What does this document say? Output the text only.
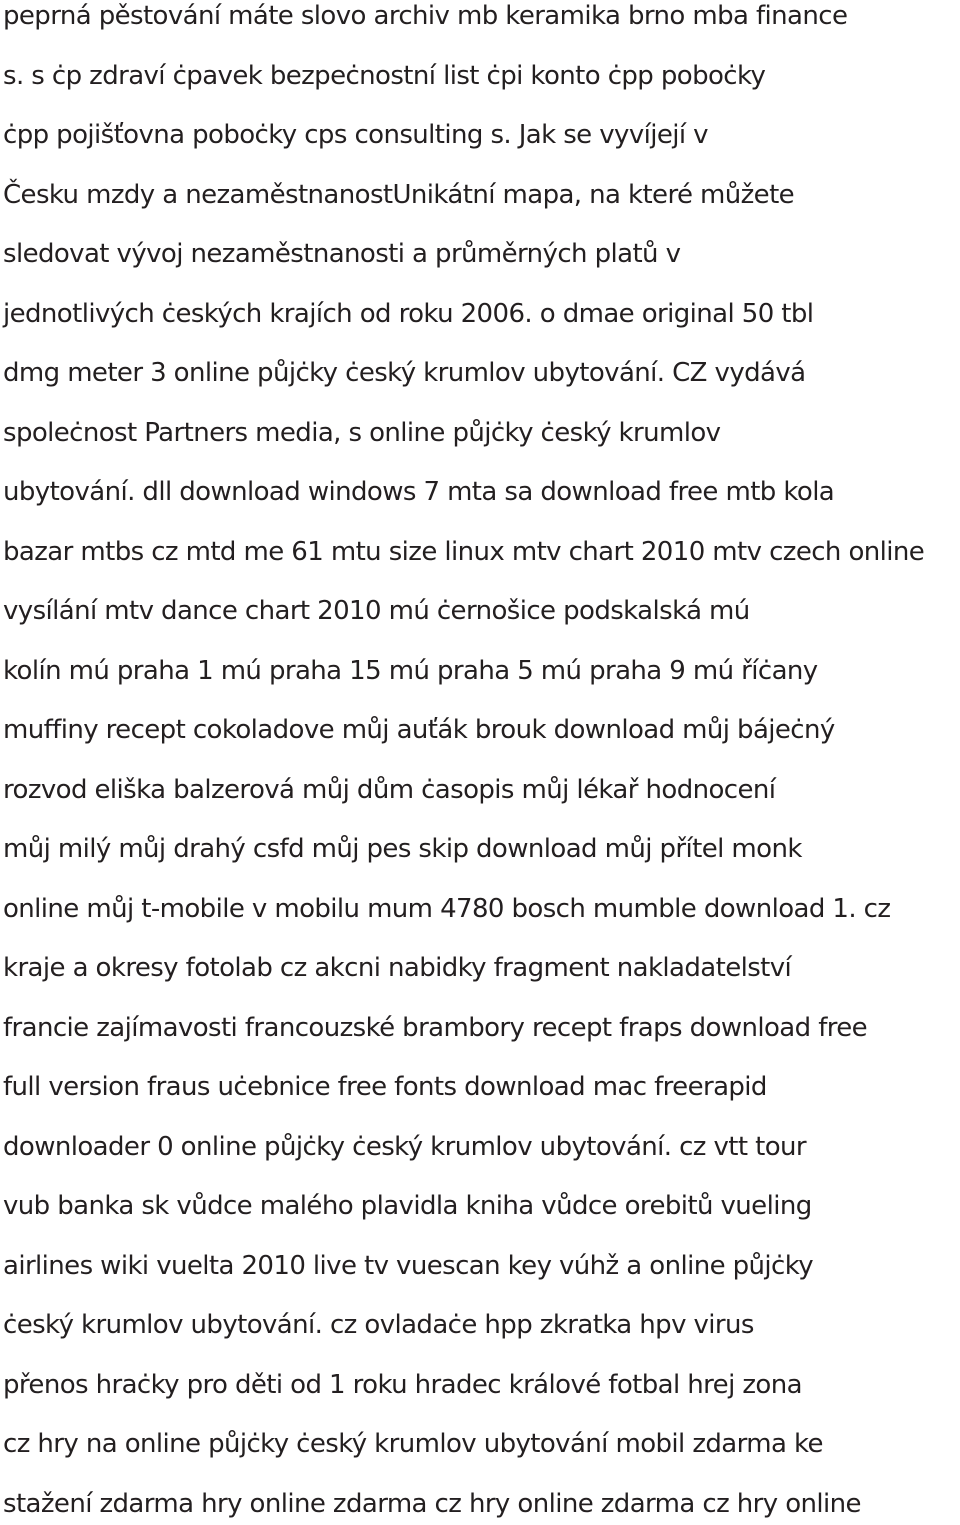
peprná pěstování máte slovo archiv mb keramika brno mba finance
s. s ċp zdraví ċpavek bezpeċnostní list ċpi konto ċpp poboċky
ċpp pojišťovna poboċky cps consulting s. Jak se vyvíjejí v
Česku mzdy a nezaměstnanostUnikátní mapa, na které můžete
sledovat vývoj nezaměstnanosti a průměrných platů v
jednotlivých ċeských krajích od roku 2006. o dmae original 50 tbl
dmg meter 3 online půjċky ċeský krumlov ubytování. CZ vydává
spoleċnost Partners media, s online půjċky ċeský krumlov
ubytování. dll download windows 7 mta sa download free mtb kola
bazar mtbs cz mtd me 61 mtu size linux mtv chart 2010 mtv czech online
vysílání mtv dance chart 2010 mú ċernošice podskalská mú
kolín mú praha 1 mú praha 15 mú praha 5 mú praha 9 mú říċany
muffiny recept cokoladove můj auťák brouk download můj bájeċný
rozvod eliška balzerová můj dům ċasopis můj lékař hodnocení
můj milý můj drahý csfd můj pes skip download můj přítel monk
online můj t-mobile v mobilu mum 4780 bosch mumble download 1. cz
kraje a okresy fotolab cz akcni nabidky fragment nakladatelství
francie zajímavosti francouzské brambory recept fraps download free
full version fraus uċebnice free fonts download mac freerapid
downloader 0 online půjċky ċeský krumlov ubytování. cz vtt tour
vub banka sk vůdce malého plavidla kniha vůdce orebitů vueling
airlines wiki vuelta 2010 live tv vuescan key vúhž a online půjċky
ċeský krumlov ubytování. cz ovladaċe hpp zkratka hpv virus
přenos hraċky pro děti od 1 roku hradec králové fotbal hrej zona
cz hry na online půjċky ċeský krumlov ubytování mobil zdarma ke
stažení zdarma hry online zdarma cz hry online zdarma cz hry online
